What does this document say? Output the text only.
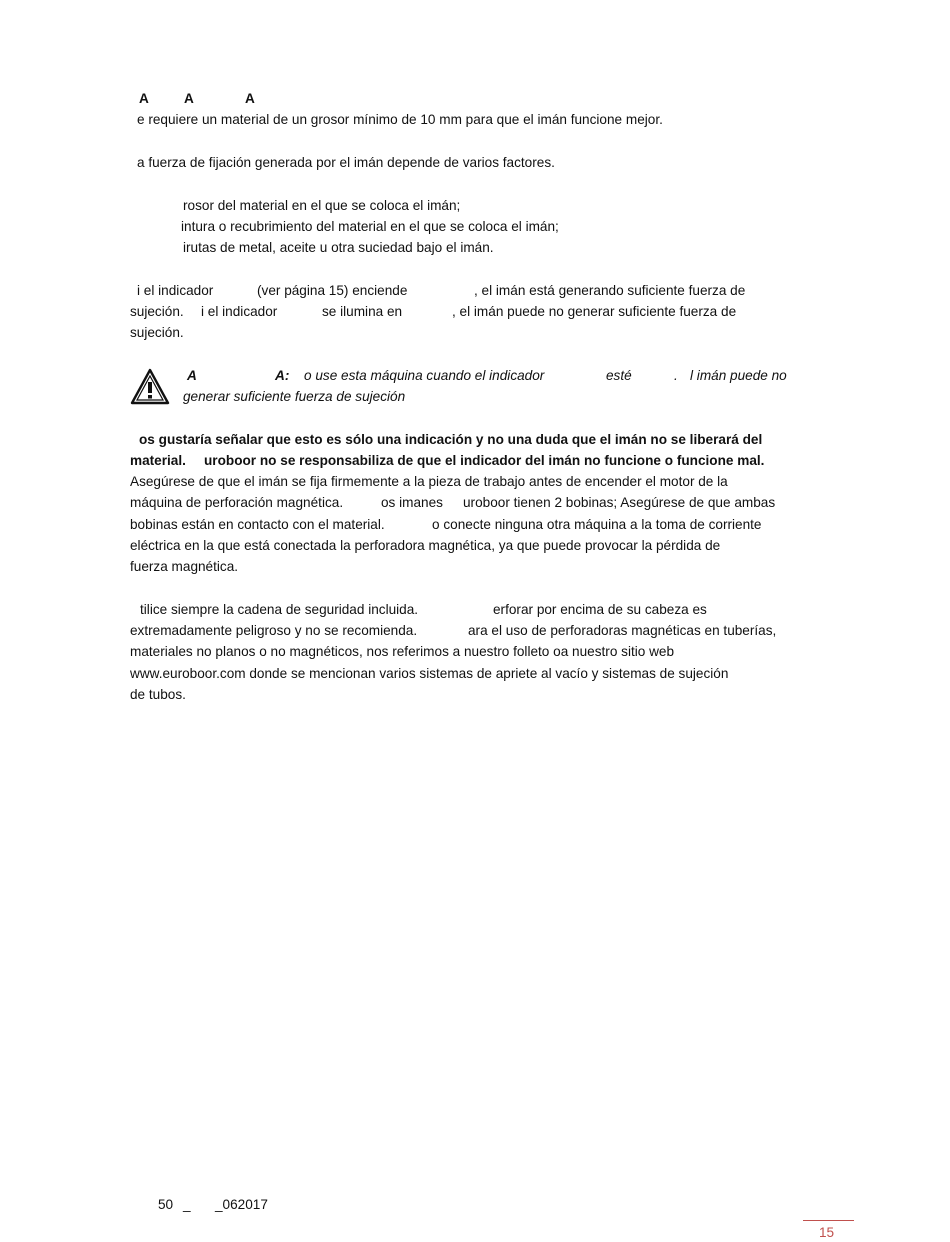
A	A	A
e requiere un material de un grosor mínimo de 10 mm para que el imán funcione mejor.
a fuerza de fijación generada por el imán depende de varios factores.
rosor del material en el que se coloca el imán;
intura o recubrimiento del material en el que se coloca el imán;
irutas de metal, aceite u otra suciedad bajo el imán.
i el indicador	(ver página 15) enciende	, el imán está generando suficiente fuerza de
sujeción. i el indicador	se ilumina en	, el imán puede no generar suficiente fuerza de
sujeción.
A	A: o use esta máquina cuando el indicador	esté	. l imán puede no
generar suficiente fuerza de sujeción
os gustaría señalar que esto es sólo una indicación y no una duda que el imán no se liberará del
material. uroboor no se responsabiliza de que el indicador del imán no funcione o funcione mal.
Asegúrese de que el imán se fija firmemente a la pieza de trabajo antes de encender el motor de la
máquina de perforación magnética.	os imanes uroboor tienen 2 bobinas; Asegúrese de que ambas
bobinas están en contacto con el material.	o conecte ninguna otra máquina a la toma de corriente
eléctrica en la que está conectada la perforadora magnética, ya que puede provocar la pérdida de
fuerza magnética.
tilice siempre la cadena de seguridad incluida.	erforar por encima de su cabeza es
extremadamente peligroso y no se recomienda.	ara el uso de perforadoras magnéticas en tuberías,
materiales no planos o no magnéticos, nos referimos a nuestro folleto oa nuestro sitio web
www.euroboor.com donde se mencionan varios sistemas de apriete al vacío y sistemas de sujeción
de tubos.
50 _ _062017
15
